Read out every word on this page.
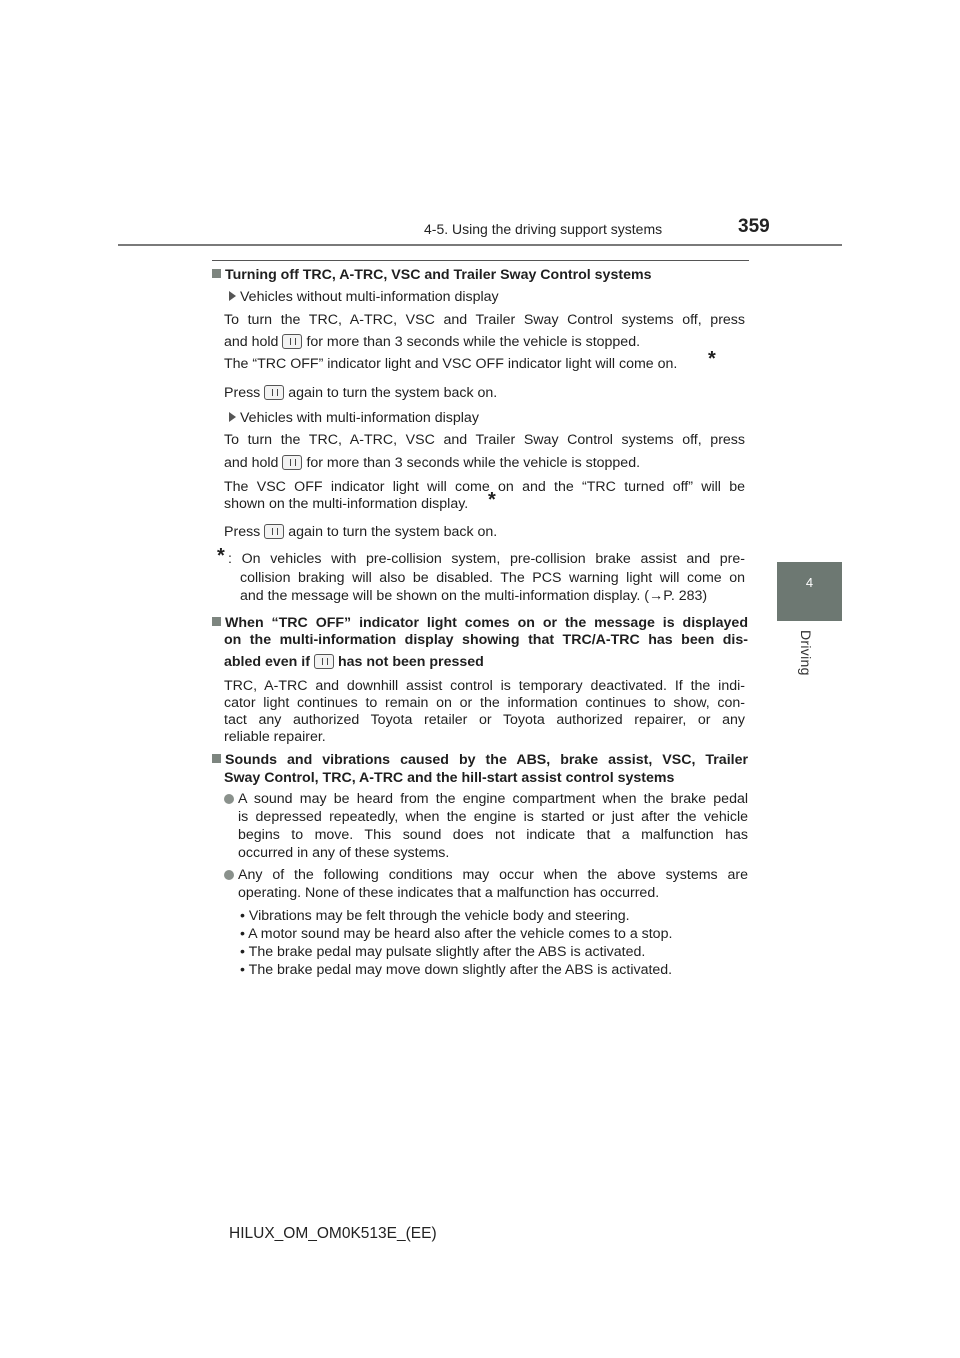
4-5. Using the driving support systems	359
4
Driving
Turning off TRC, A-TRC, VSC and Trailer Sway Control systems
Vehicles without multi-information display
To turn the TRC, A-TRC, VSC and Trailer Sway Control systems off, press
and hold for more than 3 seconds while the vehicle is stopped.
The “TRC OFF” indicator light and VSC OFF indicator light will come on. *
Press again to turn the system back on.
Vehicles with multi-information display
To turn the TRC, A-TRC, VSC and Trailer Sway Control systems off, press
and hold for more than 3 seconds while the vehicle is stopped.
The VSC OFF indicator light will come on and the “TRC turned off” will be
shown on the multi-information display. *
Press again to turn the system back on.
* : On vehicles with pre-collision system, pre-collision brake assist and pre-
collision braking will also be disabled. The PCS warning light will come on
and the message will be shown on the multi-information display. (→P. 283)
When “TRC OFF” indicator light comes on or the message is displayed
on the multi-information display showing that TRC/A-TRC has been dis-
abled even if has not been pressed
TRC, A-TRC and downhill assist control is temporary deactivated. If the indi-
cator light continues to remain on or the information continues to show, con-
tact any authorized Toyota retailer or Toyota authorized repairer, or any
reliable repairer.
Sounds and vibrations caused by the ABS, brake assist, VSC, Trailer
Sway Control, TRC, A-TRC and the hill-start assist control systems
A sound may be heard from the engine compartment when the brake pedal
is depressed repeatedly, when the engine is started or just after the vehicle
begins to move. This sound does not indicate that a malfunction has
occurred in any of these systems.
Any of the following conditions may occur when the above systems are
operating. None of these indicates that a malfunction has occurred.
• Vibrations may be felt through the vehicle body and steering.
• A motor sound may be heard also after the vehicle comes to a stop.
• The brake pedal may pulsate slightly after the ABS is activated.
• The brake pedal may move down slightly after the ABS is activated.
HILUX_OM_OM0K513E_(EE)
